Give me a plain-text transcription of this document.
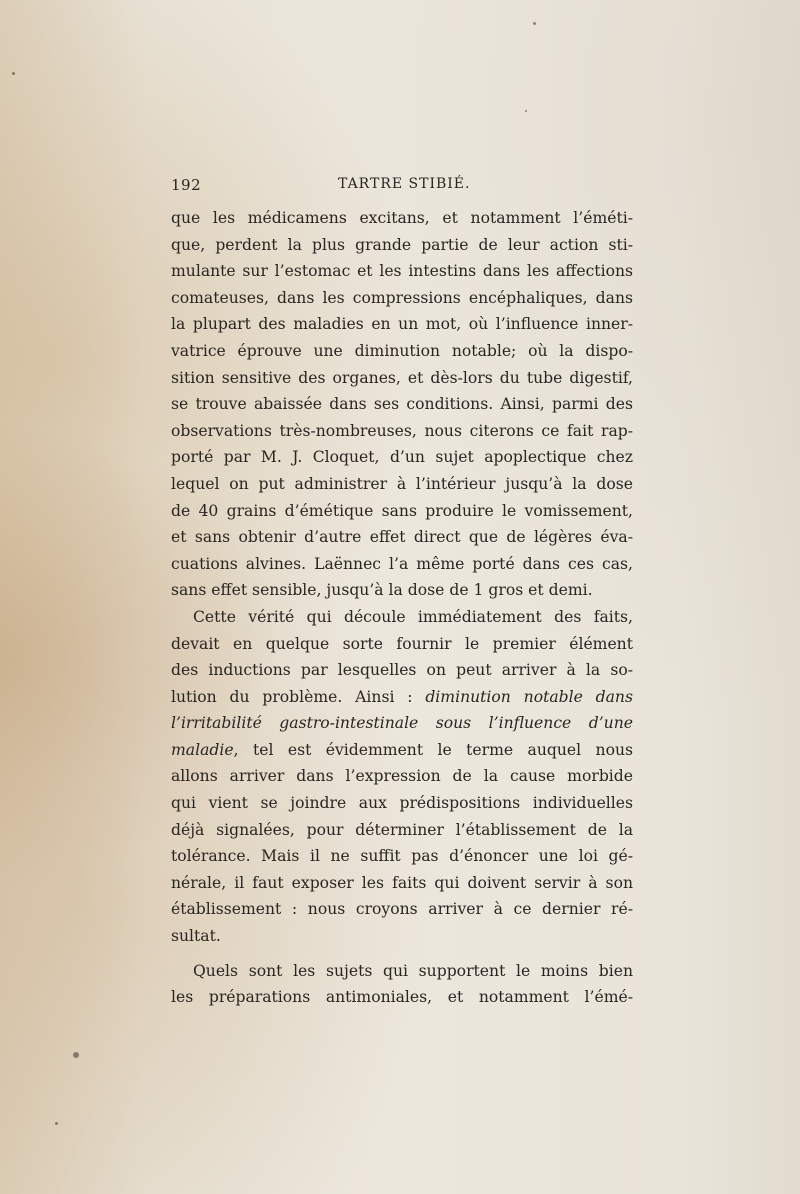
192	TARTRE STIBIÉ.
que les médicamens excitans, et notamment l’éméti-
que, perdent la plus grande partie de leur action sti-
mulante sur l’estomac et les intestins dans les affections
comateuses, dans les compressions encéphaliques, dans
la plupart des maladies en un mot, où l’influence inner-
vatrice éprouve une diminution notable; où la dispo-
sition sensitive des organes, et dès-lors du tube digestif,
se trouve abaissée dans ses conditions. Ainsi, parmi des
observations très-nombreuses, nous citerons ce fait rap-
porté par M. J. Cloquet, d’un sujet apoplectique chez
lequel on put administrer à l’intérieur jusqu’à la dose
de 40 grains d’émétique sans produire le vomissement,
et sans obtenir d’autre effet direct que de légères éva-
cuations alvines. Laënnec l’a même porté dans ces cas,
sans effet sensible, jusqu’à la dose de 1 gros et demi.
Cette vérité qui découle immédiatement des faits,
devait en quelque sorte fournir le premier élément
des inductions par lesquelles on peut arriver à la so-
lution du problème. Ainsi : diminution notable dans
l’irritabilité gastro-intestinale sous l’influence d’une
maladie, tel est évidemment le terme auquel nous
allons arriver dans l’expression de la cause morbide
qui vient se joindre aux prédispositions individuelles
déjà signalées, pour déterminer l’établissement de la
tolérance. Mais il ne suffit pas d’énoncer une loi gé-
nérale, il faut exposer les faits qui doivent servir à son
établissement : nous croyons arriver à ce dernier ré-
sultat.
Quels sont les sujets qui supportent le moins bien
les préparations antimoniales, et notamment l’émé-
